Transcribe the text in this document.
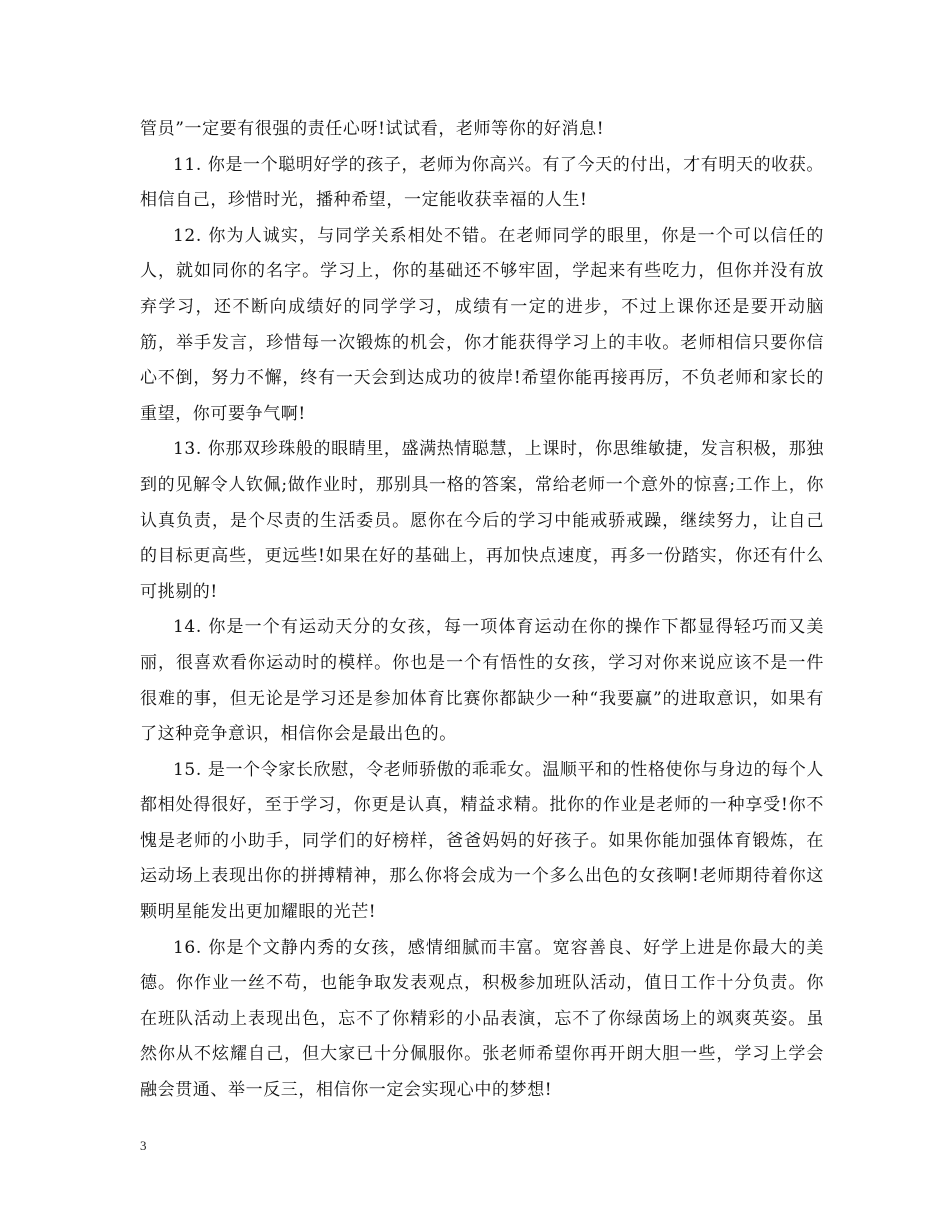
管员”一定要有很强的责任心呀!试试看，老师等你的好消息!

11. 你是一个聪明好学的孩子，老师为你高兴。有了今天的付出，才有明天的收获。相信自己，珍惜时光，播种希望，一定能收获幸福的人生!

12. 你为人诚实，与同学关系相处不错。在老师同学的眼里，你是一个可以信任的人，就如同你的名字。学习上，你的基础还不够牢固，学起来有些吃力，但你并没有放弃学习，还不断向成绩好的同学学习，成绩有一定的进步，不过上课你还是要开动脑筋，举手发言，珍惜每一次锻炼的机会，你才能获得学习上的丰收。老师相信只要你信心不倒，努力不懈，终有一天会到达成功的彼岸!希望你能再接再厉，不负老师和家长的重望，你可要争气啊!

13. 你那双珍珠般的眼睛里，盛满热情聪慧，上课时，你思维敏捷，发言积极，那独到的见解令人钦佩;做作业时，那别具一格的答案，常给老师一个意外的惊喜;工作上，你认真负责，是个尽责的生活委员。愿你在今后的学习中能戒骄戒躁，继续努力，让自己的目标更高些，更远些!如果在好的基础上，再加快点速度，再多一份踏实，你还有什么可挑剔的!

14. 你是一个有运动天分的女孩，每一项体育运动在你的操作下都显得轻巧而又美丽，很喜欢看你运动时的模样。你也是一个有悟性的女孩，学习对你来说应该不是一件很难的事，但无论是学习还是参加体育比赛你都缺少一种“我要赢”的进取意识，如果有了这种竞争意识，相信你会是最出色的。

15. 是一个令家长欣慰，令老师骄傲的乖乖女。温顺平和的性格使你与身边的每个人都相处得很好，至于学习，你更是认真，精益求精。批你的作业是老师的一种享受!你不愧是老师的小助手，同学们的好榜样，爸爸妈妈的好孩子。如果你能加强体育锻炼，在运动场上表现出你的拼搏精神，那么你将会成为一个多么出色的女孩啊!老师期待着你这颗明星能发出更加耀眼的光芒!

16. 你是个文静内秀的女孩，感情细腻而丰富。宽容善良、好学上进是你最大的美德。你作业一丝不苟，也能争取发表观点，积极参加班队活动，值日工作十分负责。你在班队活动上表现出色，忘不了你精彩的小品表演，忘不了你绿茵场上的飒爽英姿。虽然你从不炫耀自己，但大家已十分佩服你。张老师希望你再开朗大胆一些，学习上学会融会贯通、举一反三，相信你一定会实现心中的梦想!

3
